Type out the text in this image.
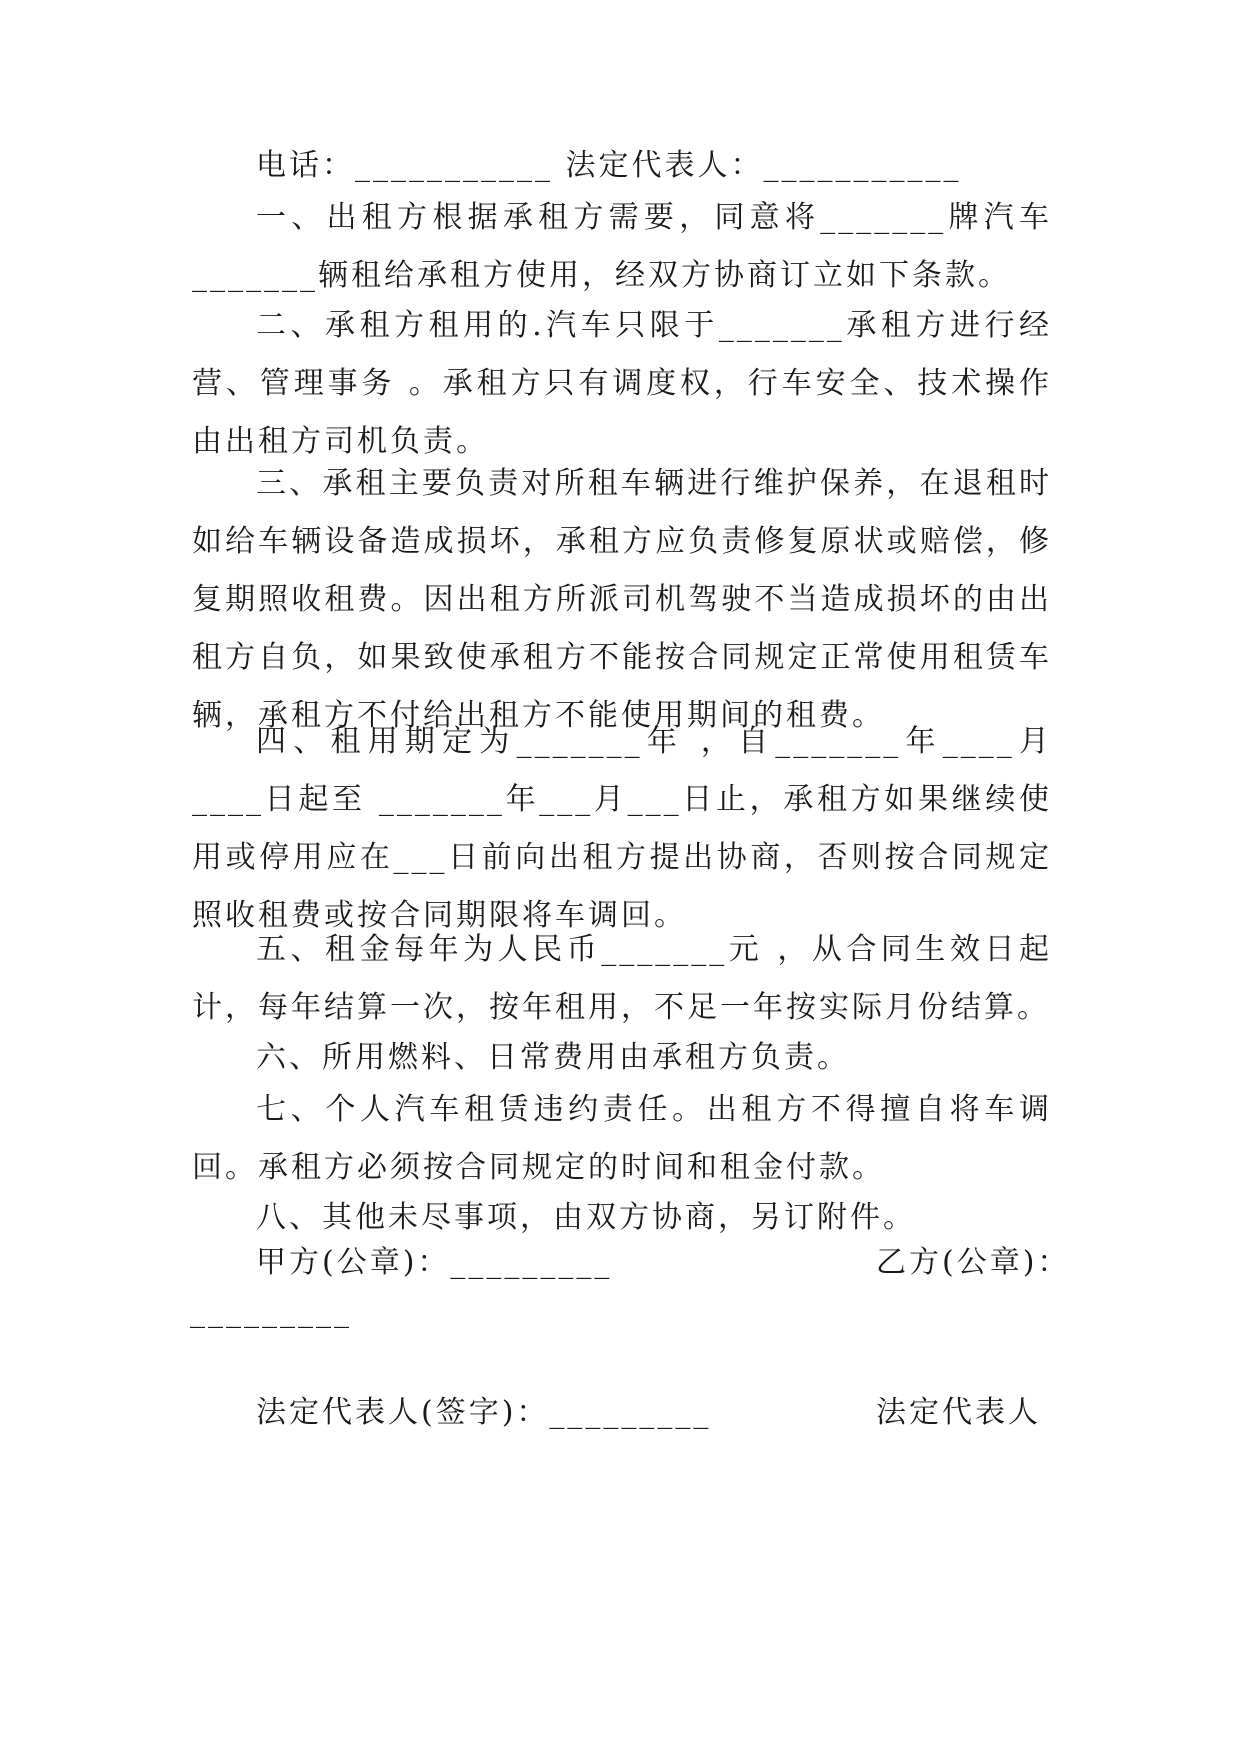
电话：___________ 法定代表人：___________

一、出租方根据承租方需要，同意将_______牌汽车_______辆租给承租方使用，经双方协商订立如下条款。

二、承租方租用的.汽车只限于_______承租方进行经营、管理事务 。承租方只有调度权，行车安全、技术操作由出租方司机负责。

三、承租主要负责对所租车辆进行维护保养，在退租时如给车辆设备造成损坏，承租方应负责修复原状或赔偿，修复期照收租费。因出租方所派司机驾驶不当造成损坏的由出租方自负，如果致使承租方不能按合同规定正常使用租赁车辆，承租方不付给出租方不能使用期间的租费。

四、租用期定为_______年 ，自_______年____月____日起至 _______年___月___日止，承租方如果继续使用或停用应在___日前向出租方提出协商，否则按合同规定照收租费或按合同期限将车调回。

五、租金每年为人民币_______元 ，从合同生效日起计，每年结算一次，按年租用，不足一年按实际月份结算。

六、所用燃料、日常费用由承租方负责。

七、个人汽车租赁违约责任。出租方不得擅自将车调回。承租方必须按合同规定的时间和租金付款。

八、其他未尽事项，由双方协商，另订附件。

甲方(公章)：_________	乙方(公章)：

_________

法定代表人(签字)：_________	法定代表人
